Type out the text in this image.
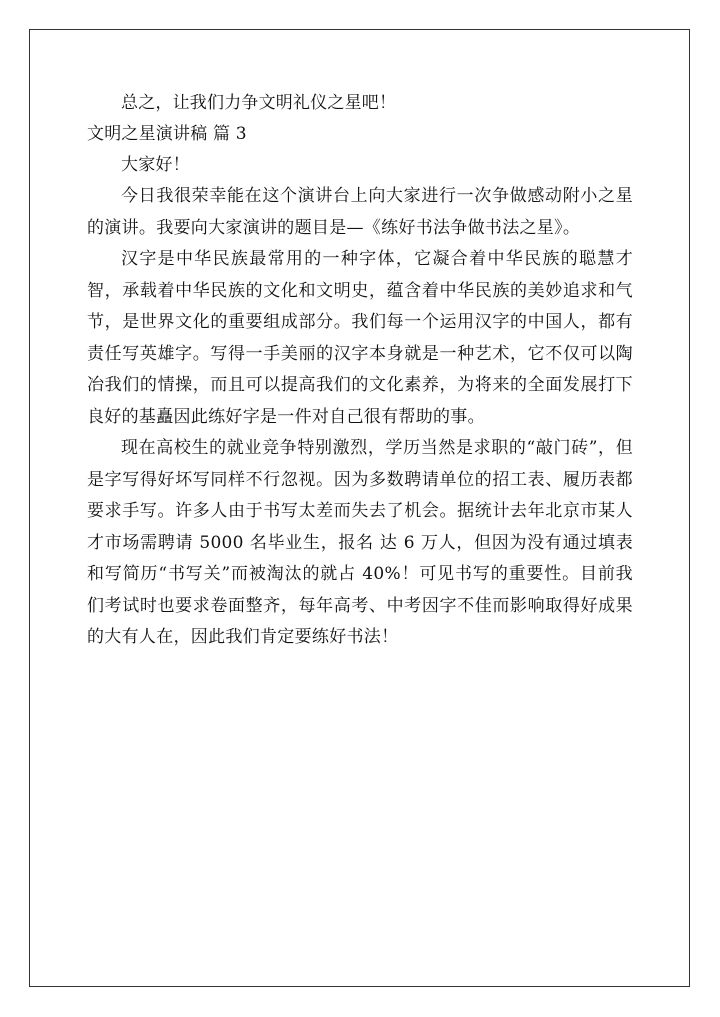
总之，让我们力争文明礼仪之星吧！
文明之星演讲稿 篇 3
大家好！

今日我很荣幸能在这个演讲台上向大家进行一次争做感动附小之星的演讲。我要向大家演讲的题目是—《练好书法争做书法之星》。

汉字是中华民族最常用的一种字体，它凝合着中华民族的聪慧才智，承载着中华民族的文化和文明史，蕴含着中华民族的美妙追求和气节，是世界文化的重要组成部分。我们每一个运用汉字的中国人，都有责任写英雄字。写得一手美丽的汉字本身就是一种艺术，它不仅可以陶冶我们的情操，而且可以提高我们的文化素养，为将来的全面发展打下良好的基矗因此练好字是一件对自己很有帮助的事。

现在高校生的就业竞争特别激烈，学历当然是求职的“敲门砖”，但是字写得好坏写同样不行忽视。因为多数聘请单位的招工表、履历表都要求手写。许多人由于书写太差而失去了机会。据统计去年北京市某人才市场需聘请 5000 名毕业生，报名 达 6 万人，但因为没有通过填表和写简历“书写关”而被淘汰的就占 40%！可见书写的重要性。目前我们考试时也要求卷面整齐，每年高考、中考因字不佳而影响取得好成果 的大有人在，因此我们肯定要练好书法！
